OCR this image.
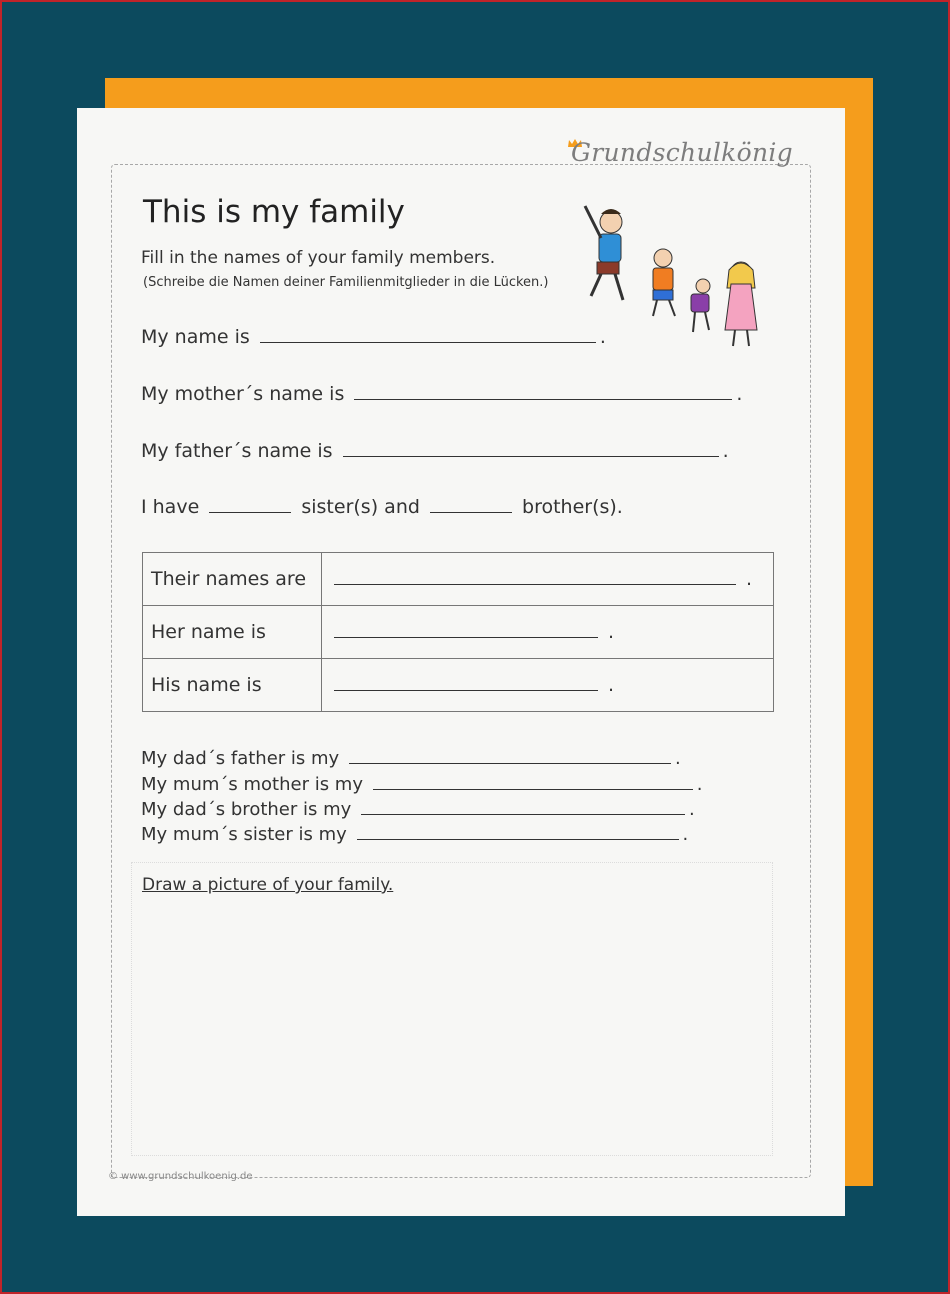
Grundschulkönig
This is my family
Fill in the names of your family members.
(Schreibe die Namen deiner Familienmitglieder in die Lücken.)
My name is	.
My mother´s name is	.
My father´s name is	.
I have	sister(s) and	brother(s).
Their names are	.
Her name is	.
His name is	.
My dad´s father is my	.
My mum´s mother is my	.
My dad´s brother is my	.
My mum´s sister is my	.
Draw a picture of your family.
© www.grundschulkoenig.de
